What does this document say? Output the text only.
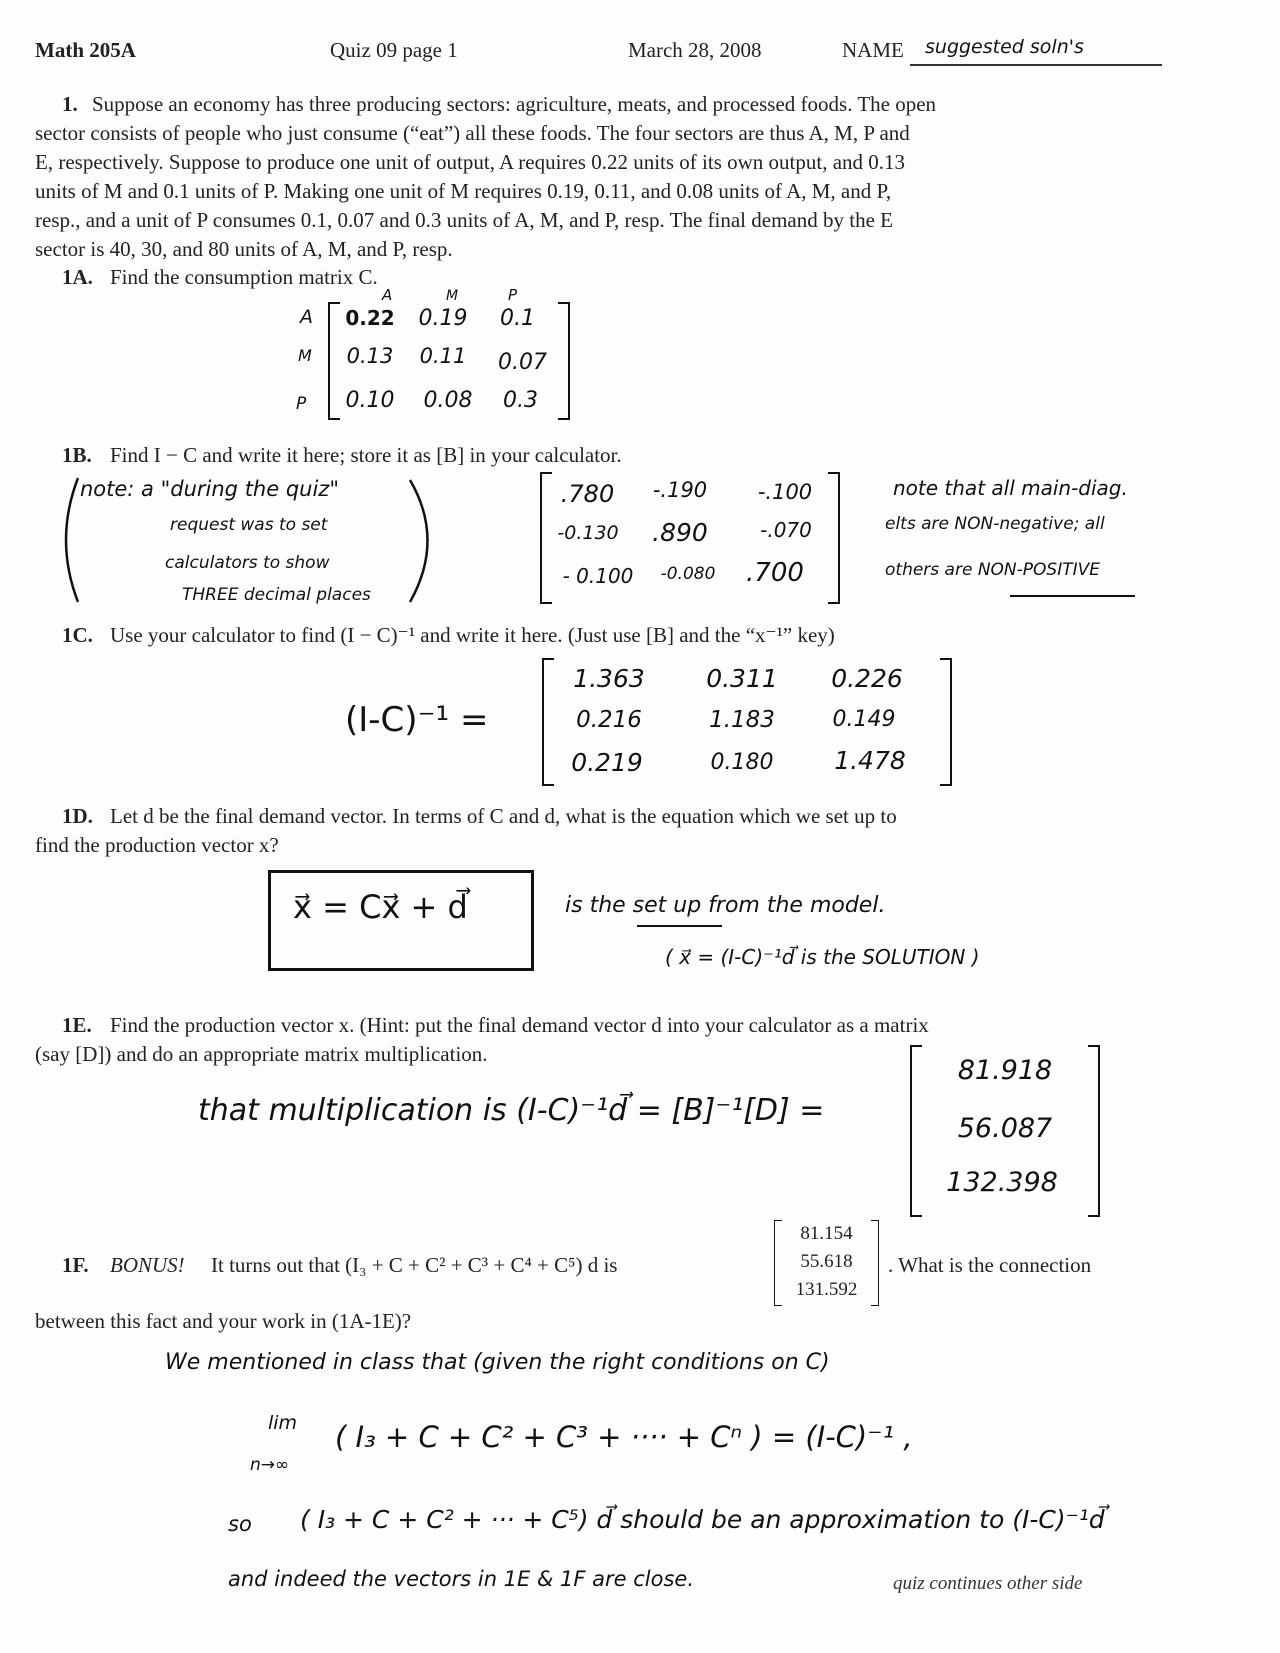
Math 205A	Quiz 09 page 1	March 28, 2008	NAME suggested soln's
1. Suppose an economy has three producing sectors: agriculture, meats, and processed foods. The open
sector consists of people who just consume (“eat”) all these foods. The four sectors are thus A, M, P and
E, respectively. Suppose to produce one unit of output, A requires 0.22 units of its own output, and 0.13
units of M and 0.1 units of P. Making one unit of M requires 0.19, 0.11, and 0.08 units of A, M, and P,
resp., and a unit of P consumes 0.1, 0.07 and 0.3 units of A, M, and P, resp. The final demand by the E
sector is 40, 30, and 80 units of A, M, and P, resp.
1A. Find the consumption matrix C.
A	M	P
A
M
P
0.22 0.19	0.1
0.13	0.11	0.07
0.10	0.08	0.3
1B. Find I − C and write it here; store it as [B] in your calculator.
note: a "during the quiz"
request was to set
calculators to show
THREE decimal places
.780	-.190	-.100
-0.130	.890	-.070
- 0.100	-0.080	.700
note that all main-diag.
elts are NON-negative; all
others are NON-POSITIVE
1C. Use your calculator to find (I − C)⁻¹ and write it here. (Just use [B] and the “x⁻¹” key)
(I-C)⁻¹ =
1.363	0.311	0.226
0.216	1.183	0.149
0.219	0.180	1.478
1D. Let d be the final demand vector. In terms of C and d, what is the equation which we set up to
find the production vector x?
x⃗ = Cx⃗ + d⃗	is the set up from the model.
( x⃗ = (I-C)⁻¹d⃗ is the SOLUTION )
1E. Find the production vector x. (Hint: put the final demand vector d into your calculator as a matrix
(say [D]) and do an appropriate matrix multiplication.
that multiplication is (I-C)⁻¹d⃗ = [B]⁻¹[D] =
81.918
56.087
132.398
1F. BONUS! It turns out that (I₃ + C + C² + C³ + C⁴ + C⁵) d is
81.154
55.618
131.592
. What is the connection
between this fact and your work in (1A-1E)?
We mentioned in class that (given the right conditions on C)
lim
n→∞
( I₃ + C + C² + C³ + ···· + Cⁿ ) = (I-C)⁻¹ ,
so ( I₃ + C + C² + ··· + C⁵) d⃗ should be an approximation to (I-C)⁻¹d⃗
and indeed the vectors in 1E & 1F are close.	quiz continues other side
